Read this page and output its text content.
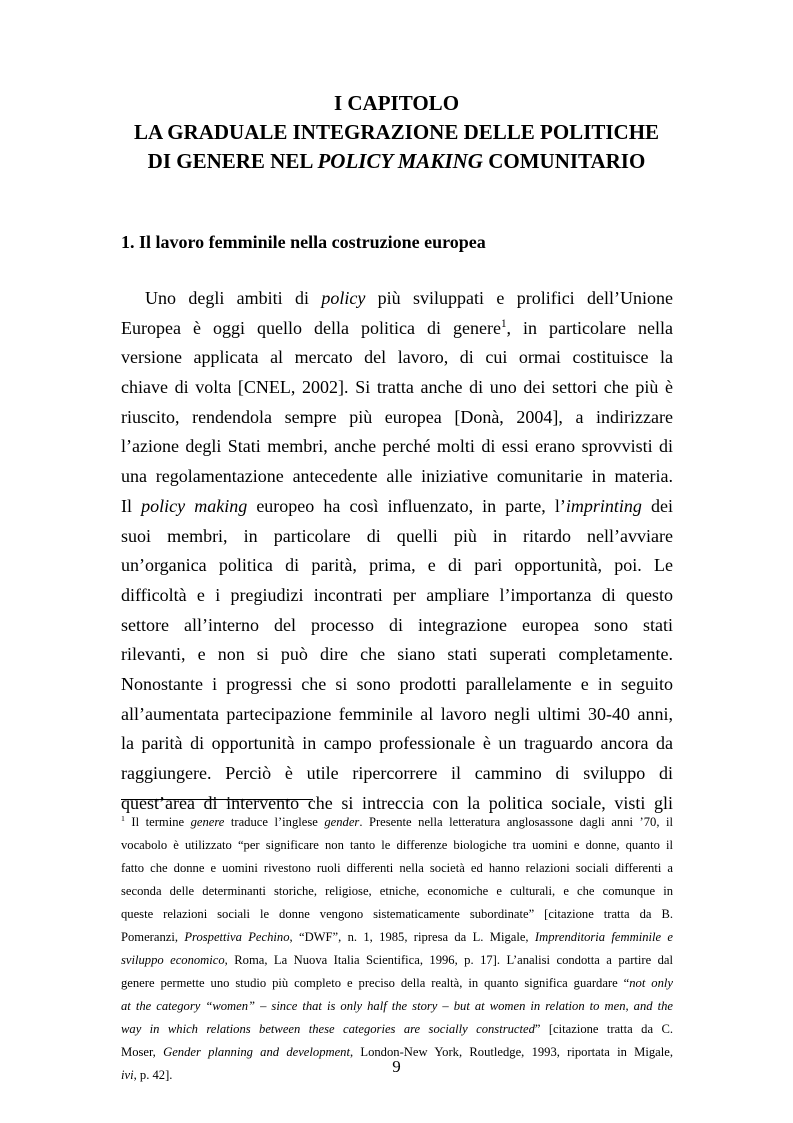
I CAPITOLO
LA GRADUALE INTEGRAZIONE DELLE POLITICHE
DI GENERE NEL POLICY MAKING COMUNITARIO
1. Il lavoro femminile nella costruzione europea
Uno degli ambiti di policy più sviluppati e prolifici dell’Unione
Europea è oggi quello della politica di genere$^1$, in particolare nella
versione applicata al mercato del lavoro, di cui ormai costituisce la
chiave di volta [CNEL, 2002]. Si tratta anche di uno dei settori che più è
riuscito, rendendola sempre più europea [Donà, 2004], a indirizzare
l’azione degli Stati membri, anche perché molti di essi erano sprovvisti di
una regolamentazione antecedente alle iniziative comunitarie in materia.
Il policy making europeo ha così influenzato, in parte, l’imprinting dei
suoi membri, in particolare di quelli più in ritardo nell’avviare
un’organica politica di parità, prima, e di pari opportunità, poi. Le
difficoltà e i pregiudizi incontrati per ampliare l’importanza di questo
settore all’interno del processo di integrazione europea sono stati
rilevanti, e non si può dire che siano stati superati completamente.
Nonostante i progressi che si sono prodotti parallelamente e in seguito
all’aumentata partecipazione femminile al lavoro negli ultimi 30-40 anni,
la parità di opportunità in campo professionale è un traguardo ancora da
raggiungere. Perciò è utile ripercorrere il cammino di sviluppo di
quest’area di intervento che si intreccia con la politica sociale, visti gli
$^1$ Il termine genere traduce l’inglese gender. Presente nella letteratura anglosassone dagli anni ’70, il
vocabolo è utilizzato “per significare non tanto le differenze biologiche tra uomini e donne, quanto il
fatto che donne e uomini rivestono ruoli differenti nella società ed hanno relazioni sociali differenti a
seconda delle determinanti storiche, religiose, etniche, economiche e culturali, e che comunque in
queste relazioni sociali le donne vengono sistematicamente subordinate” [citazione tratta da B.
Pomeranzi, Prospettiva Pechino, “DWF”, n. 1, 1985, ripresa da L. Migale, Imprenditoria femminile e
sviluppo economico, Roma, La Nuova Italia Scientifica, 1996, p. 17]. L’analisi condotta a partire dal
genere permette uno studio più completo e preciso della realtà, in quanto significa guardare “not only
at the category “women” – since that is only half the story – but at women in relation to men, and the
way in which relations between these categories are socially constructed” [citazione tratta da C.
Moser, Gender planning and development, London-New York, Routledge, 1993, riportata in Migale,
ivi, p. 42].	9
